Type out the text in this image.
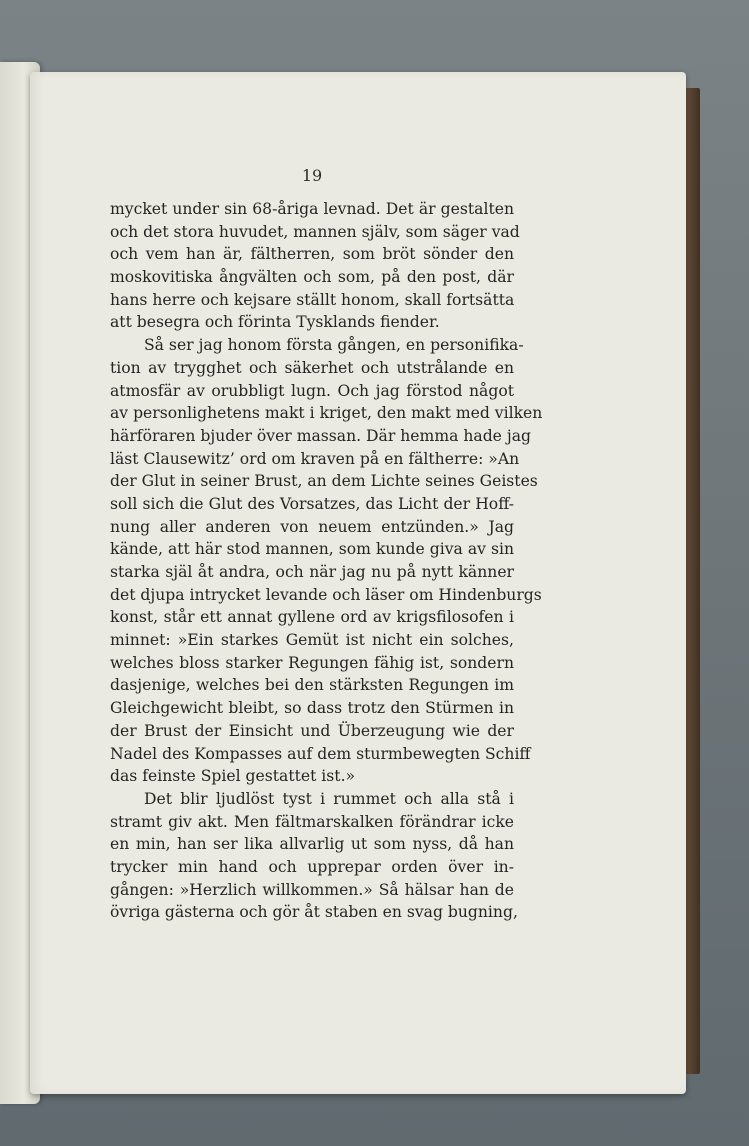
19
mycket under sin 68-åriga levnad. Det är gestalten
och det stora huvudet, mannen själv, som säger vad
och vem han är, fältherren, som bröt sönder den
moskovitiska ångvälten och som, på den post, där
hans herre och kejsare ställt honom, skall fortsätta
att besegra och förinta Tysklands fiender.
Så ser jag honom första gången, en personifika-
tion av trygghet och säkerhet och utstrålande en
atmosfär av orubbligt lugn. Och jag förstod något
av personlighetens makt i kriget, den makt med vilken
härföraren bjuder över massan. Där hemma hade jag
läst Clausewitz’ ord om kraven på en fältherre: »An
der Glut in seiner Brust, an dem Lichte seines Geistes
soll sich die Glut des Vorsatzes, das Licht der Hoff-
nung aller anderen von neuem entzünden.» Jag
kände, att här stod mannen, som kunde giva av sin
starka själ åt andra, och när jag nu på nytt känner
det djupa intrycket levande och läser om Hindenburgs
konst, står ett annat gyllene ord av krigsfilosofen i
minnet: »Ein starkes Gemüt ist nicht ein solches,
welches bloss starker Regungen fähig ist, sondern
dasjenige, welches bei den stärksten Regungen im
Gleichgewicht bleibt, so dass trotz den Stürmen in
der Brust der Einsicht und Überzeugung wie der
Nadel des Kompasses auf dem sturmbewegten Schiff
das feinste Spiel gestattet ist.»
Det blir ljudlöst tyst i rummet och alla stå i
stramt giv akt. Men fältmarskalken förändrar icke
en min, han ser lika allvarlig ut som nyss, då han
trycker min hand och upprepar orden över in-
gången: »Herzlich willkommen.» Så hälsar han de
övriga gästerna och gör åt staben en svag bugning,
